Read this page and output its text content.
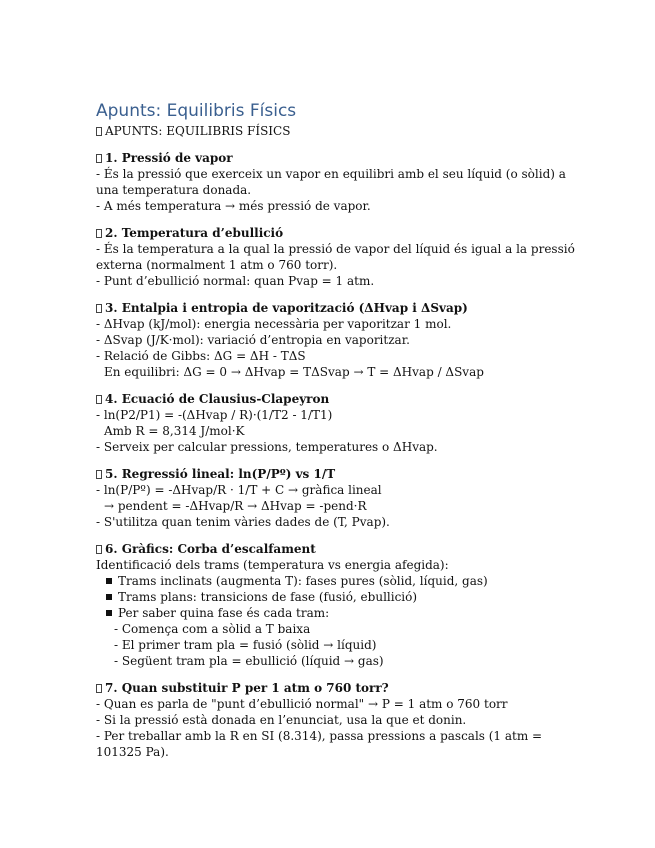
Apunts: Equilibris Físics
APUNTS: EQUILIBRIS FÍSICS
1. Pressió de vapor
- És la pressió que exerceix un vapor en equilibri amb el seu líquid (o sòlid) a una temperatura donada.
- A més temperatura → més pressió de vapor.
2. Temperatura d’ebullició
- És la temperatura a la qual la pressió de vapor del líquid és igual a la pressió externa (normalment 1 atm o 760 torr).
- Punt d’ebullició normal: quan Pvap = 1 atm.
3. Entalpia i entropia de vaporització (ΔHvap i ΔSvap)
- ΔHvap (kJ/mol): energia necessària per vaporitzar 1 mol.
- ΔSvap (J/K·mol): variació d’entropia en vaporitzar.
- Relació de Gibbs: ΔG = ΔH - TΔS
En equilibri: ΔG = 0 → ΔHvap = TΔSvap → T = ΔHvap / ΔSvap
4. Ecuació de Clausius-Clapeyron
- ln(P2/P1) = -(ΔHvap / R)·(1/T2 - 1/T1)
Amb R = 8,314 J/mol·K
- Serveix per calcular pressions, temperatures o ΔHvap.
5. Regressió lineal: ln(P/Pº) vs 1/T
- ln(P/Pº) = -ΔHvap/R · 1/T + C → gràfica lineal
→ pendent = -ΔHvap/R → ΔHvap = -pend·R
- S'utilitza quan tenim vàries dades de (T, Pvap).
6. Gràfics: Corba d’escalfament
Identificació dels trams (temperatura vs energia afegida):
Trams inclinats (augmenta T): fases pures (sòlid, líquid, gas)
Trams plans: transicions de fase (fusió, ebullició)
Per saber quina fase és cada tram:
- Comença com a sòlid a T baixa
- El primer tram pla = fusió (sòlid → líquid)
- Següent tram pla = ebullició (líquid → gas)
7. Quan substituir P per 1 atm o 760 torr?
- Quan es parla de "punt d’ebullició normal" → P = 1 atm o 760 torr
- Si la pressió està donada en l’enunciat, usa la que et donin.
- Per treballar amb la R en SI (8.314), passa pressions a pascals (1 atm = 101325 Pa).
